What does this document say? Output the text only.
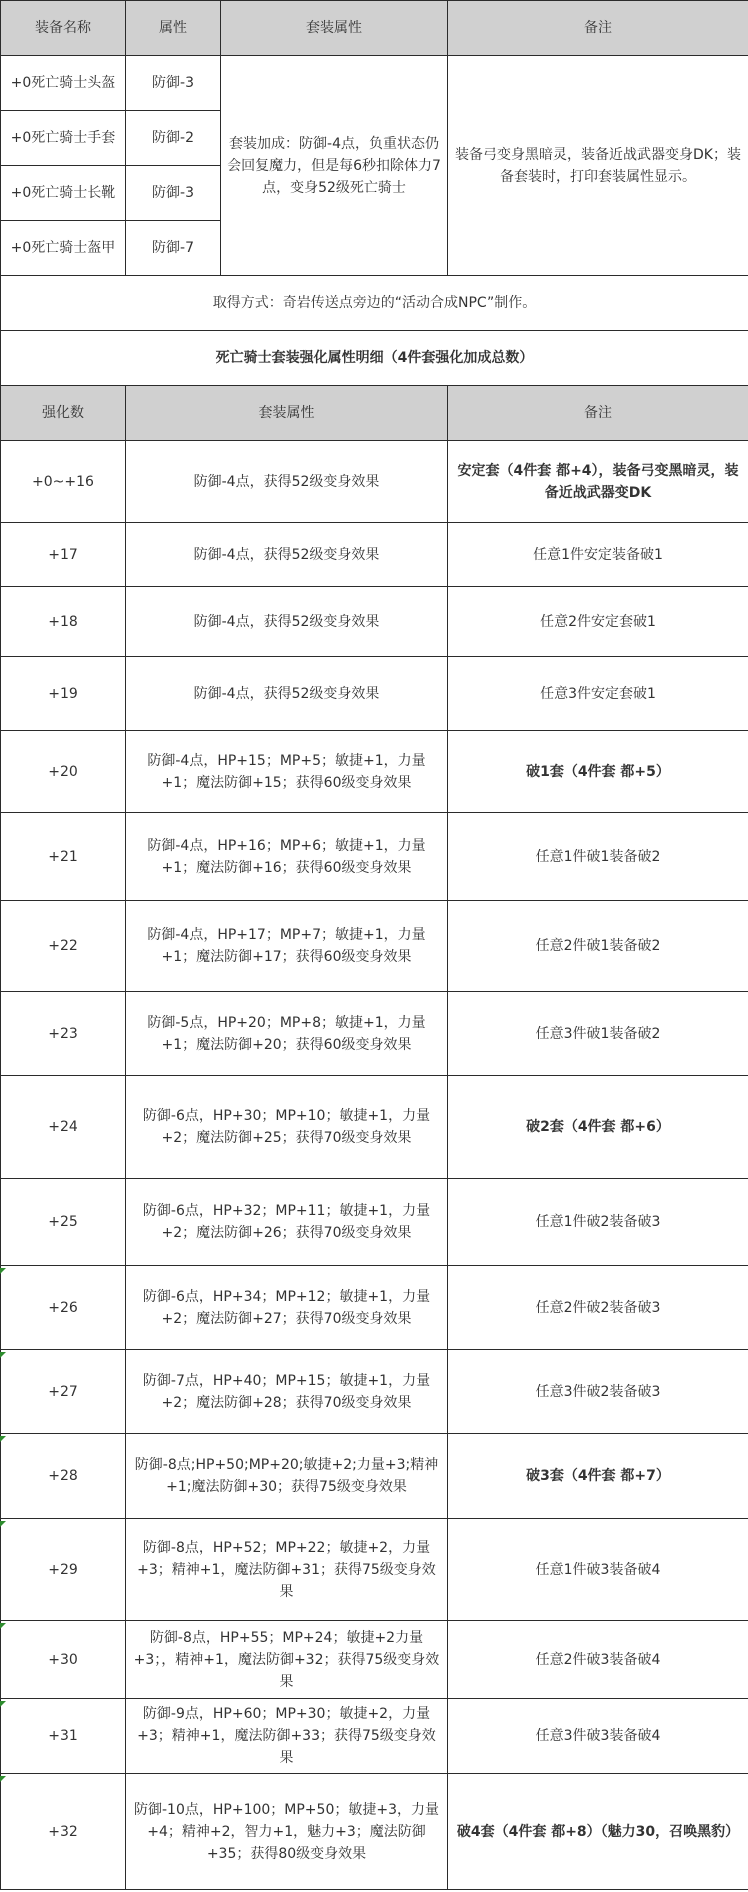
装备名称	属性	套装属性	备注
+0死亡骑士头盔	防御-3	套装加成：防御-4点，负重状态仍会回复魔力，但是每6秒扣除体力7点，变身52级死亡骑士	装备弓变身黑暗灵，装备近战武器变身DK；装备套装时，打印套装属性显示。
+0死亡骑士手套	防御-2		
+0死亡骑士长靴	防御-3		
+0死亡骑士盔甲	防御-7		
取得方式：奇岩传送点旁边的“活动合成NPC”制作。			
死亡骑士套装强化属性明细（4件套强化加成总数）			
强化数	套装属性	备注
+0~+16	防御-4点，获得52级变身效果	安定套（4件套 都+4），装备弓变黑暗灵，装备近战武器变DK
+17	防御-4点，获得52级变身效果	任意1件安定装备破1
+18	防御-4点，获得52级变身效果	任意2件安定套破1
+19	防御-4点，获得52级变身效果	任意3件安定套破1
+20	防御-4点，HP+15；MP+5；敏捷+1，力量+1；魔法防御+15；获得60级变身效果	破1套（4件套 都+5）
+21	防御-4点，HP+16；MP+6；敏捷+1，力量+1；魔法防御+16；获得60级变身效果	任意1件破1装备破2
+22	防御-4点，HP+17；MP+7；敏捷+1，力量+1；魔法防御+17；获得60级变身效果	任意2件破1装备破2
+23	防御-5点，HP+20；MP+8；敏捷+1，力量+1；魔法防御+20；获得60级变身效果	任意3件破1装备破2
+24	防御-6点，HP+30；MP+10；敏捷+1，力量+2；魔法防御+25；获得70级变身效果	破2套（4件套 都+6）
+25	防御-6点，HP+32；MP+11；敏捷+1，力量+2；魔法防御+26；获得70级变身效果	任意1件破2装备破3
+26	防御-6点，HP+34；MP+12；敏捷+1，力量+2；魔法防御+27；获得70级变身效果	任意2件破2装备破3
+27	防御-7点，HP+40；MP+15；敏捷+1，力量+2；魔法防御+28；获得70级变身效果	任意3件破2装备破3
+28	防御-8点;HP+50;MP+20;敏捷+2;力量+3;精神+1;魔法防御+30；获得75级变身效果	破3套（4件套 都+7）
+29	防御-8点，HP+52；MP+22；敏捷+2，力量+3；精神+1，魔法防御+31；获得75级变身效果	任意1件破3装备破4
+30	防御-8点，HP+55；MP+24；敏捷+2力量+3；，精神+1，魔法防御+32；获得75级变身效果	任意2件破3装备破4
+31	防御-9点，HP+60；MP+30；敏捷+2，力量+3；精神+1，魔法防御+33；获得75级变身效果	任意3件破3装备破4
+32	防御-10点，HP+100；MP+50；敏捷+3，力量+4；精神+2，智力+1，魅力+3；魔法防御+35；获得80级变身效果	破4套（4件套 都+8）（魅力30，召唤黑豹）
